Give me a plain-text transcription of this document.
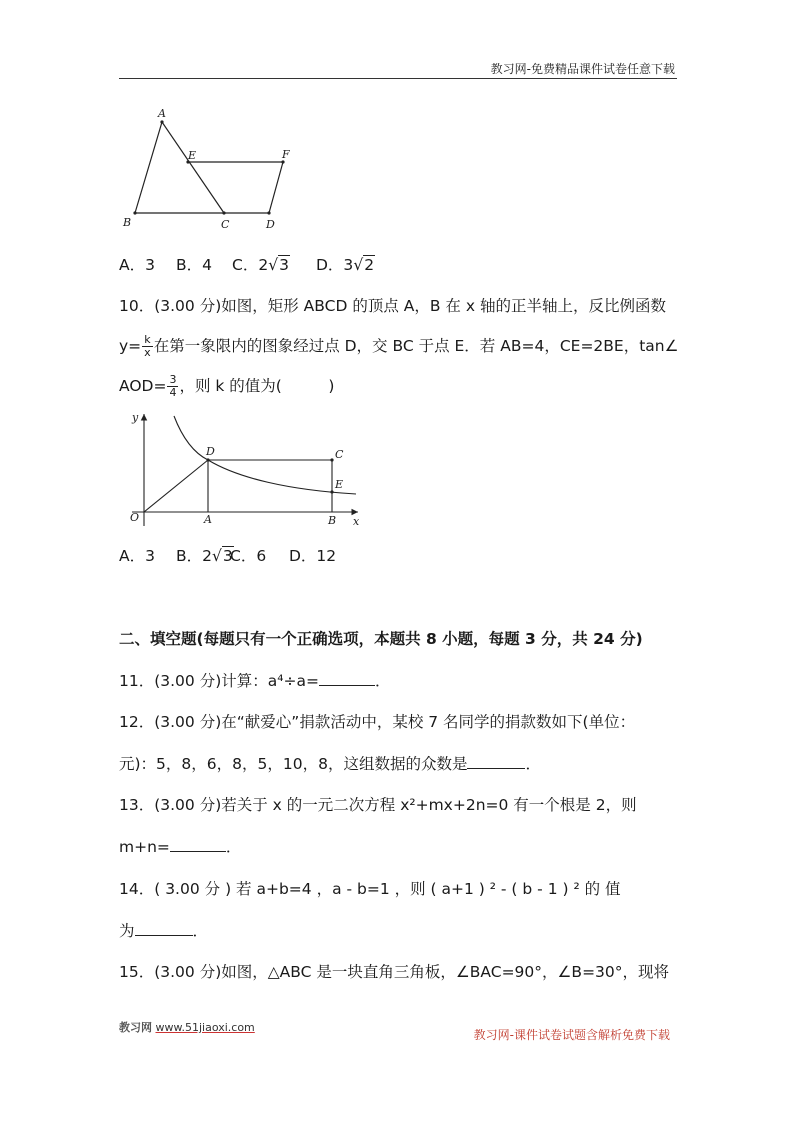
教习网-免费精品课件试卷任意下载
A
B	C	D
E	F
A．3 B．4 C．2√3 D．3√2
10．(3.00 分)如图，矩形 ABCD 的顶点 A，B 在 x 轴的正半轴上，反比例函数
$y= \frac{k}{x}$ 在第一象限内的图象经过点 D，交 BC 于点 E．若 AB=4，CE=2BE，tan∠
$AOD= \frac{3}{4}$ ，则 k 的值为(　　　)
y
x
O	A	B
C
D
E
A．3 B．2√3
C．6 D．12
二、填空题(每题只有一个正确选项，本题共 8 小题，每题 3 分，共 24 分)
11．(3.00 分)计算：a⁴÷a=	．
12．(3.00 分)在“献爱心”捐款活动中，某校 7 名同学的捐款数如下(单位：
元)：5，8，6，8，5，10，8，这组数据的众数是	．
13．(3.00 分)若关于 x 的一元二次方程 x²+mx+2n=0 有一个根是 2，则
m+n=	．
14．( 3.00 分 ) 若 a+b=4 ，a - b=1 ，则 ( a+1 ) ² - ( b - 1 ) ² 的 值
为	．
15．(3.00 分)如图，△ABC 是一块直角三角板，∠BAC=90°，∠B=30°，现将
教习网 www.51jiaoxi.com
教习网-课件试卷试题含解析免费下载
